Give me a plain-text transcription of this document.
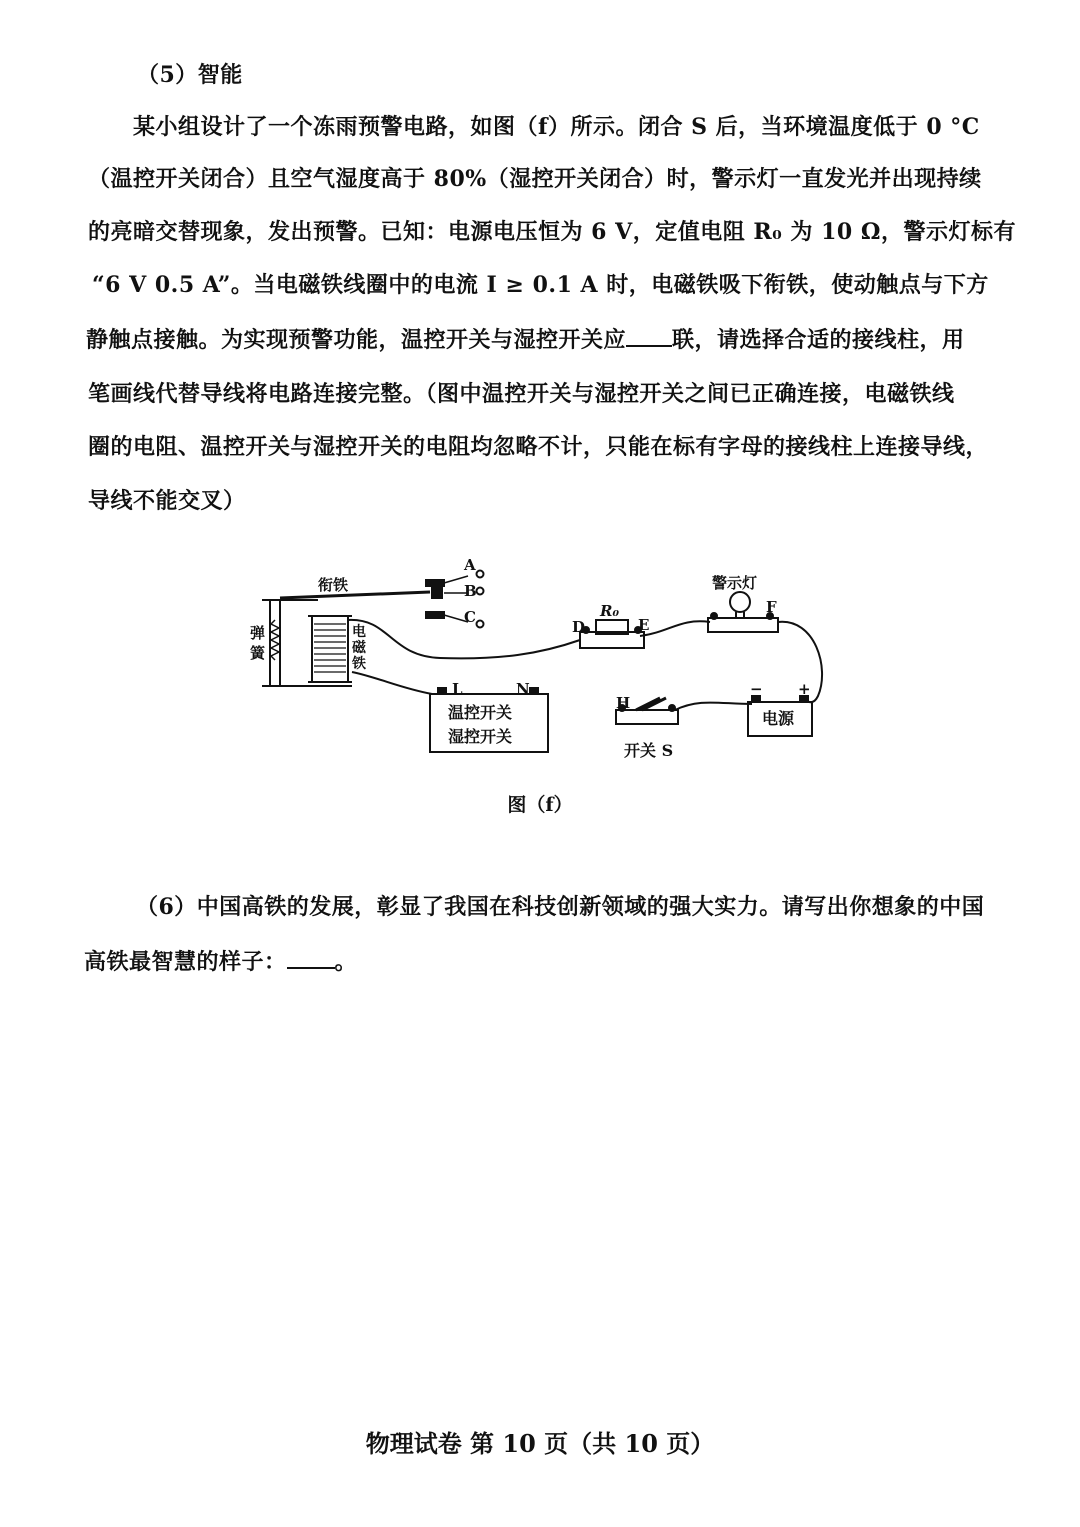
（5）智能
某小组设计了一个冻雨预警电路，如图（f）所示。闭合 S 后，当环境温度低于 0 °C
（温控开关闭合）且空气湿度高于 80%（湿控开关闭合）时，警示灯一直发光并出现持续
的亮暗交替现象，发出预警。已知：电源电压恒为 6 V，定值电阻 R₀ 为 10 Ω，警示灯标有
“6 V 0.5 A”。当电磁铁线圈中的电流 I ≥ 0.1 A 时，电磁铁吸下衔铁，使动触点与下方
静触点接触。为实现预警功能，温控开关与湿控开关应 联，请选择合适的接线柱，用
笔画线代替导线将电路连接完整。（图中温控开关与湿控开关之间已正确连接，电磁铁线
圈的电阻、温控开关与湿控开关的电阻均忽略不计，只能在标有字母的接线柱上连接导线，
导线不能交叉）
衔铁
弹
簧
电
磁
铁
A
B
C
D	E
R₀
警示灯
F
L	N
温控开关
湿控开关
H
开关 S
− +
电源
图（f）
（6）中国高铁的发展，彰显了我国在科技创新领域的强大实力。请写出你想象的中国
高铁最智慧的样子： 。
物理试卷 第 10 页（共 10 页）
